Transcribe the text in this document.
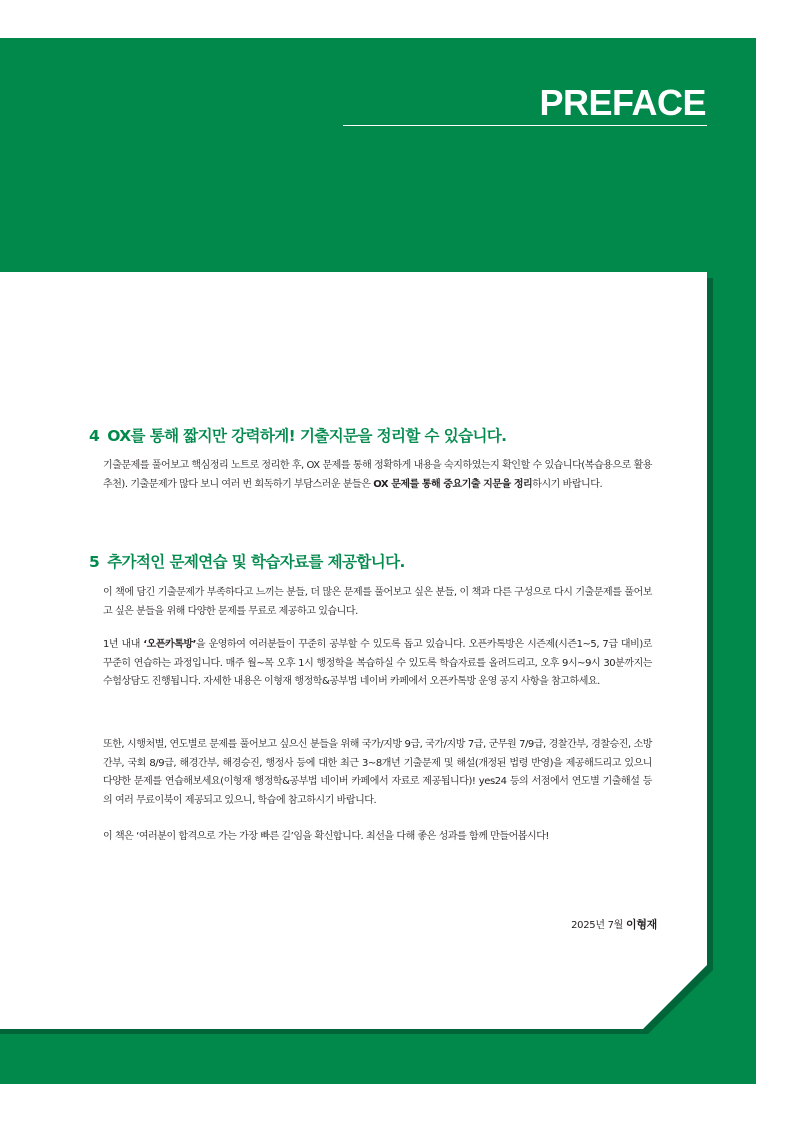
PREFACE
4 OX를 통해 짧지만 강력하게! 기출지문을 정리할 수 있습니다.

기출문제를 풀어보고 핵심정리 노트로 정리한 후, OX 문제를 통해 정확하게 내용을 숙지하였는지 확인할 수 있습니다(복습용으로 활용 추천). 기출문제가 많다 보니 여러 번 회독하기 부담스러운 분들은 OX 문제를 통해 중요기출 지문을 정리하시기 바랍니다.

5 추가적인 문제연습 및 학습자료를 제공합니다.

이 책에 담긴 기출문제가 부족하다고 느끼는 분들, 더 많은 문제를 풀어보고 싶은 분들, 이 책과 다른 구성으로 다시 기출문제를 풀어보고 싶은 분들을 위해 다양한 문제를 무료로 제공하고 있습니다.

1년 내내 ‘오픈카톡방’을 운영하여 여러분들이 꾸준히 공부할 수 있도록 돕고 있습니다. 오픈카톡방은 시즌제(시즌1~5, 7급 대비)로 꾸준히 연습하는 과정입니다. 매주 월~목 오후 1시 행정학을 복습하실 수 있도록 학습자료를 올려드리고, 오후 9시~9시 30분까지는 수험상담도 진행됩니다. 자세한 내용은 이형재 행정학&공부법 네이버 카페에서 오픈카톡방 운영 공지 사항을 참고하세요.

또한, 시행처별, 연도별로 문제를 풀어보고 싶으신 분들을 위해 국가/지방 9급, 국가/지방 7급, 군무원 7/9급, 경찰간부, 경찰승진, 소방간부, 국회 8/9급, 해경간부, 해경승진, 행정사 등에 대한 최근 3~8개년 기출문제 및 해설(개정된 법령 반영)을 제공해드리고 있으니 다양한 문제를 연습해보세요(이형재 행정학&공부법 네이버 카페에서 자료로 제공됩니다)! yes24 등의 서점에서 연도별 기출해설 등의 여러 무료이북이 제공되고 있으니, 학습에 참고하시기 바랍니다.

이 책은 ‘여러분이 합격으로 가는 가장 빠른 길’임을 확신합니다. 최선을 다해 좋은 성과를 함께 만들어봅시다!

2025년 7월 이형재
